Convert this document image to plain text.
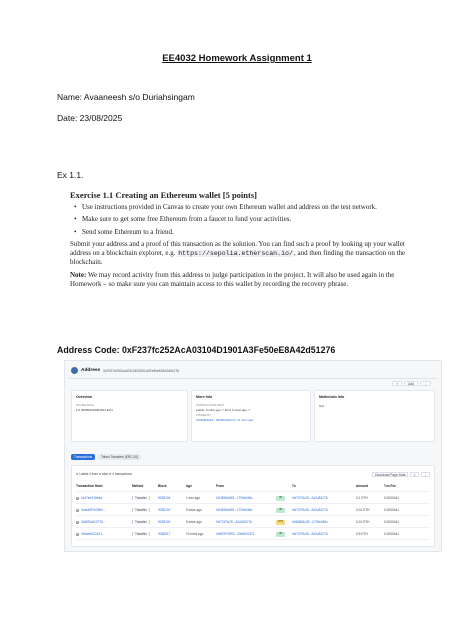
EE4032 Homework Assignment 1
Name: Avaaneesh s/o Duriahsingam
Date: 23/08/2025
Ex 1.1.
Exercise 1.1 Creating an Ethereum wallet [5 points]
• Use instructions provided in Canvas to create your own Ethereum wallet and address on the test network.
• Make sure to get some free Ethereum from a faucet to fund your activities.
• Send some Ethereum to a friend.
Submit your address and a proof of this transaction as the solution. You can find such a proof by looking up your wallet address on a blockchain explorer, e.g. https://sepolia.etherscan.io/, and then finding the transaction on the blockchain.
Note: We may record activity from this address to judge participation in the project. It will also be used again in the Homework – so make sure you can maintain access to this wallet by recording the recovery phrase.
Address Code: 0xF237fc252AcA03104D1901A3Fe50eE8A42d51276
Address 0xF237fc252AcA03104D1901A3Fe50eE8A42d51276
+	Add	⋮
Overview
ETH BALANCE
♦ 0.499959139491622 ETH
More Info
TRANSACTIONS SENT
Latest: 6 mins ago ↗ First: 6 mins ago ↗
FUNDED BY
0x5E9F92E5...20b9b0CE3 ⧉ | 11 mins ago
Multichain Info
N/A
Transactions	Token Transfers (ERC-20)
⇅ Latest 4 from a total of 4 transactions	Download Page Data	▽	⋮
Transaction Hash	Method	Block	Age	From	To	Amount	Txn Fee
0x47ee315e6a...	Transfer	9038104	1 min ago	0xD89b6b25...1705e048c	IN	0xF237fc25...A42d51276	0.1 ETH	0.0000441
0xab6f67b29e0...	Transfer	9038102	5 mins ago	0xD89b6b25...1705e048c	IN	0xF237fc25...A42d51276	0.01 ETH	0.0000441
0x85f3d413776...	Transfer	9038100	5 mins ago	0xF237fc25...A42d51276	OUT	0x56856c25...1705e048c	0.01 ETH	0.0000441
0x5ae6022a71...	Transfer	9038017	10 mins ago	0x5E9F92E5...20b9b0CE3	IN	0xF237fc25...A42d51276	0.5 ETH	0.0000441
